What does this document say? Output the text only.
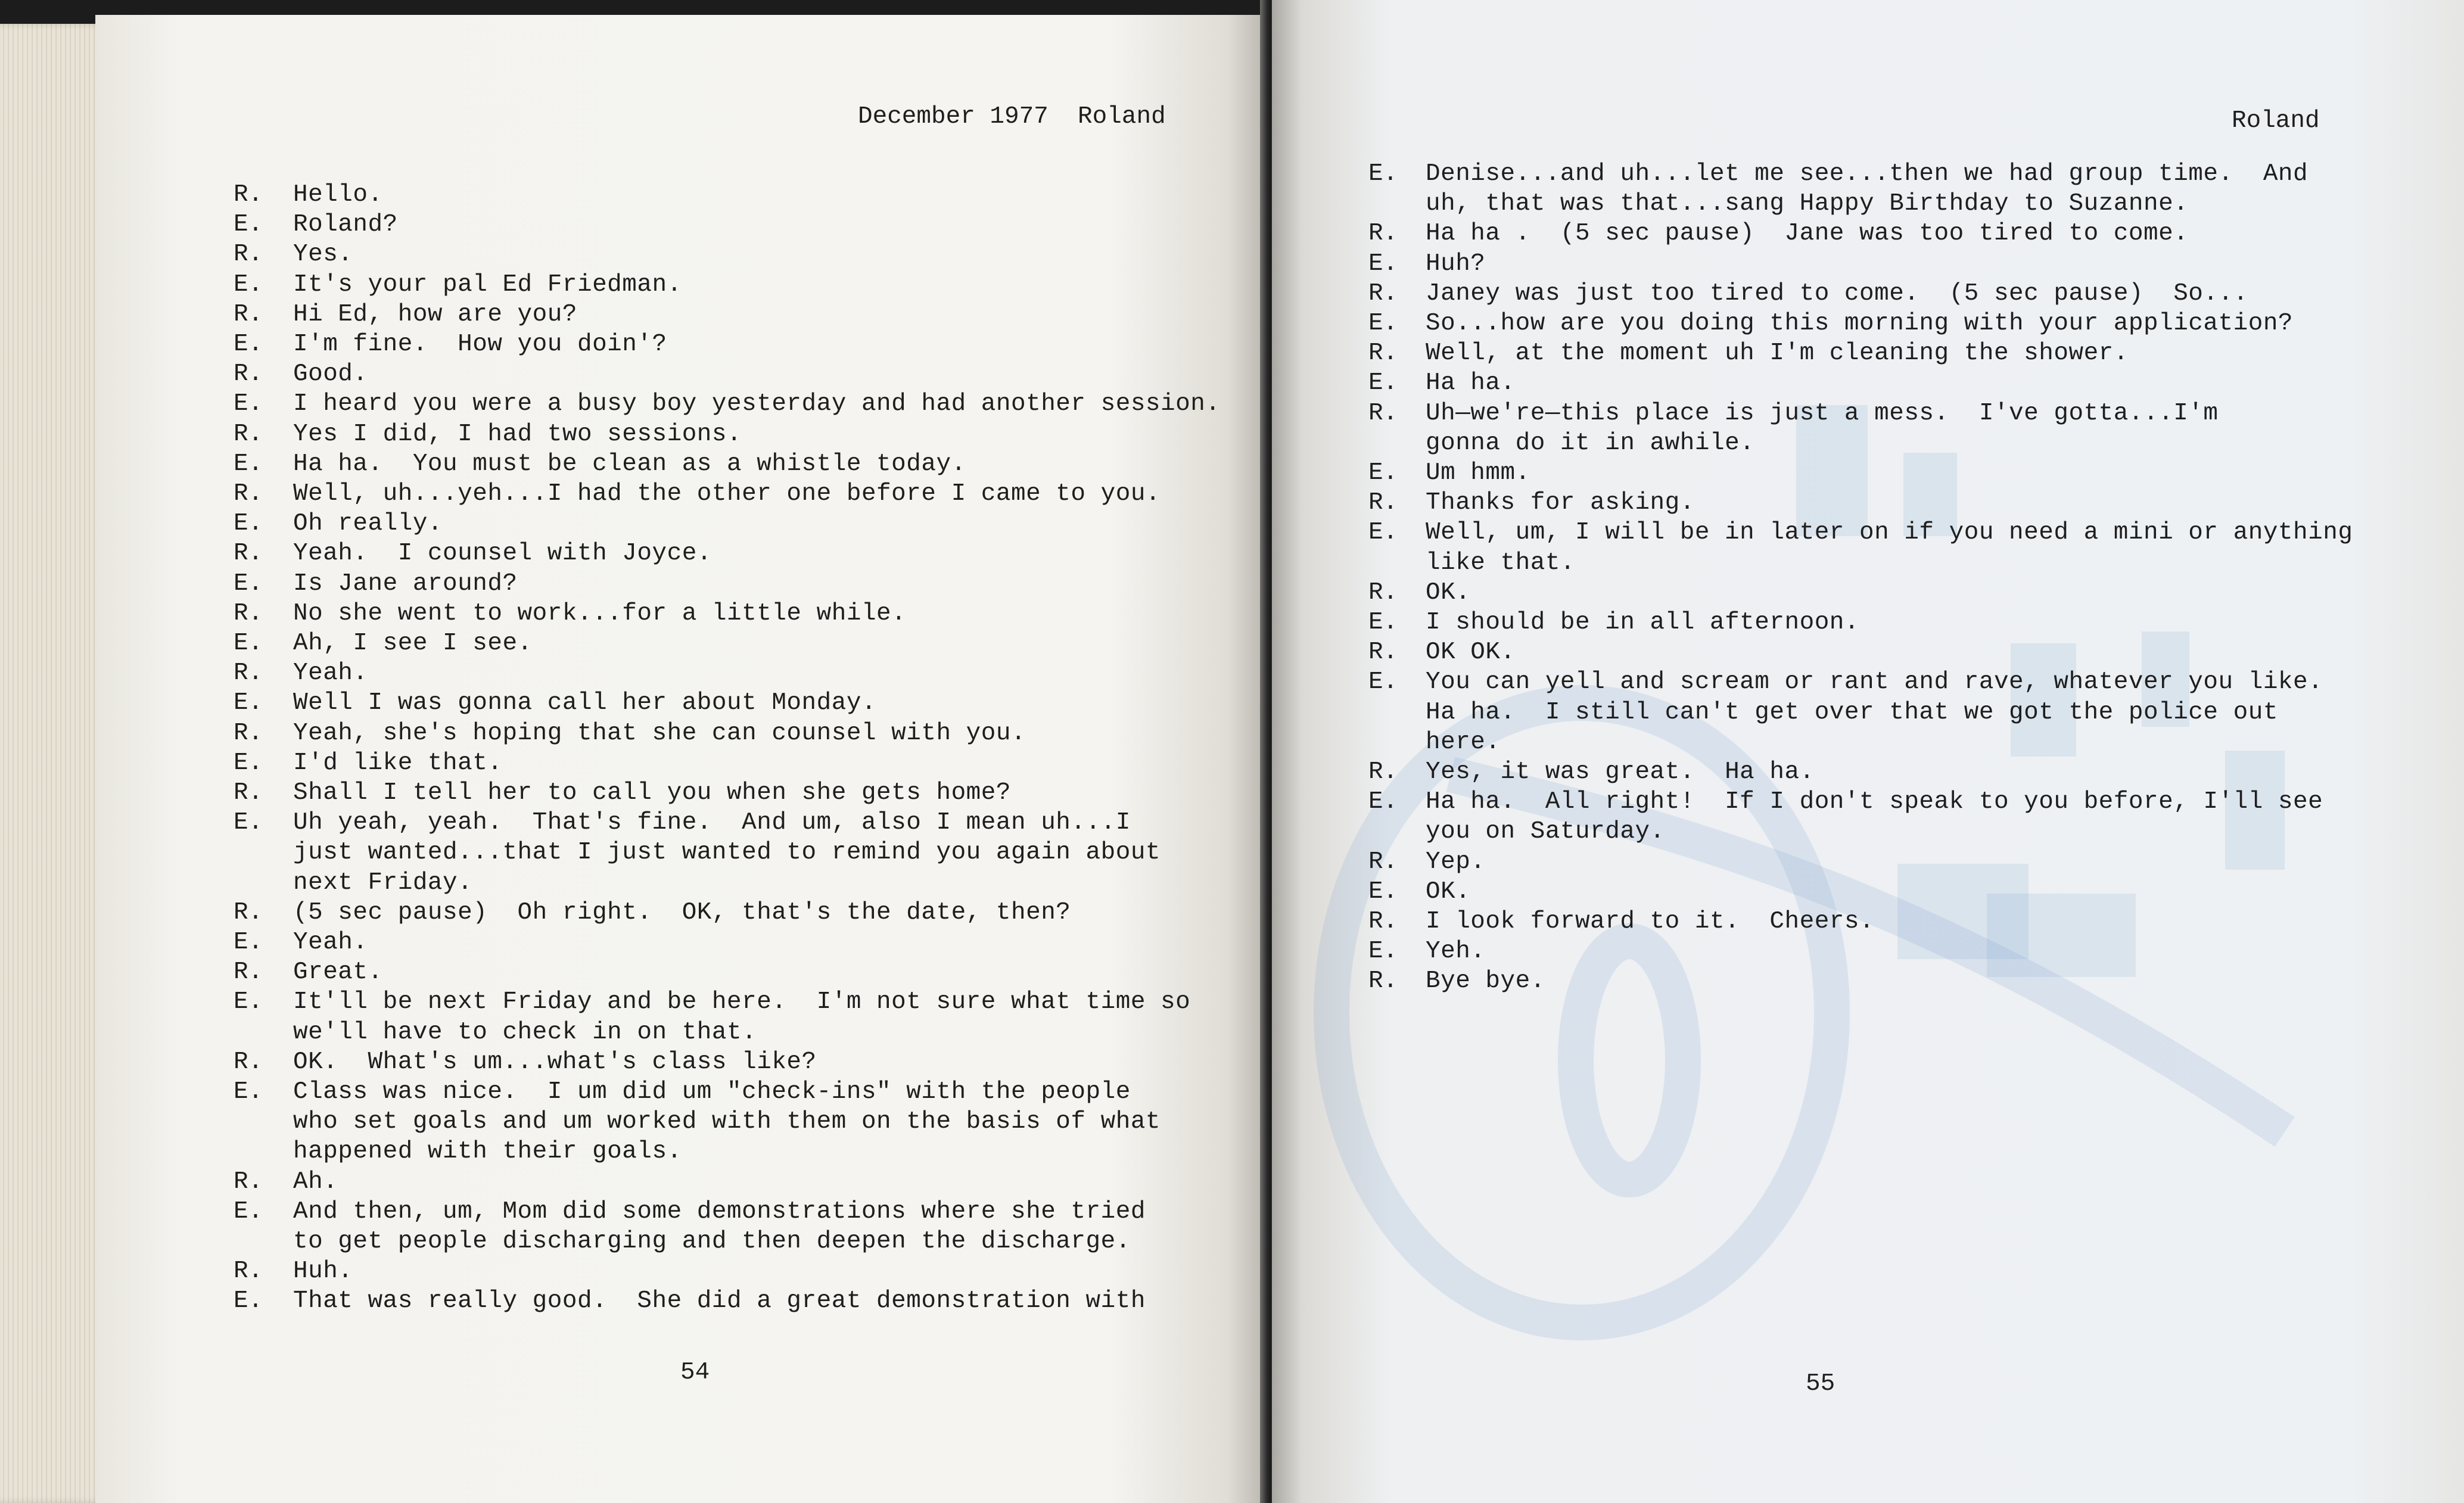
December 1977  Roland
R. Hello.
E. Roland?
R. Yes.
E. It's your pal Ed Friedman.
R. Hi Ed, how are you?
E. I'm fine.  How you doin'?
R. Good.
E. I heard you were a busy boy yesterday and had another session.
R. Yes I did, I had two sessions.
E. Ha ha.  You must be clean as a whistle today.
R. Well, uh...yeh...I had the other one before I came to you.
E. Oh really.
R. Yeah.  I counsel with Joyce.
E. Is Jane around?
R. No she went to work...for a little while.
E. Ah, I see I see.
R. Yeah.
E. Well I was gonna call her about Monday.
R. Yeah, she's hoping that she can counsel with you.
E. I'd like that.
R. Shall I tell her to call you when she gets home?
E. Uh yeah, yeah.  That's fine.  And um, also I mean uh...I
just wanted...that I just wanted to remind you again about
next Friday.
R. (5 sec pause)  Oh right.  OK, that's the date, then?
E. Yeah.
R. Great.
E. It'll be next Friday and be here.  I'm not sure what time so
we'll have to check in on that.
R. OK.  What's um...what's class like?
E. Class was nice.  I um did um "check-ins" with the people
who set goals and um worked with them on the basis of what
happened with their goals.
R. Ah.
E. And then, um, Mom did some demonstrations where she tried
to get people discharging and then deepen the discharge.
R. Huh.
E. That was really good.  She did a great demonstration with
54
Roland
E. Denise...and uh...let me see...then we had group time.  And
uh, that was that...sang Happy Birthday to Suzanne.
R. Ha ha .  (5 sec pause)  Jane was too tired to come.
E. Huh?
R. Janey was just too tired to come.  (5 sec pause)  So...
E. So...how are you doing this morning with your application?
R. Well, at the moment uh I'm cleaning the shower.
E. Ha ha.
R. Uh—we're—this place is just a mess.  I've gotta...I'm
gonna do it in awhile.
E. Um hmm.
R. Thanks for asking.
E. Well, um, I will be in later on if you need a mini or anything
like that.
R. OK.
E. I should be in all afternoon.
R. OK OK.
E. You can yell and scream or rant and rave, whatever you like.
Ha ha.  I still can't get over that we got the police out
here.
R. Yes, it was great.  Ha ha.
E. Ha ha.  All right!  If I don't speak to you before, I'll see
you on Saturday.
R. Yep.
E. OK.
R. I look forward to it.  Cheers.
E. Yeh.
R. Bye bye.
55
